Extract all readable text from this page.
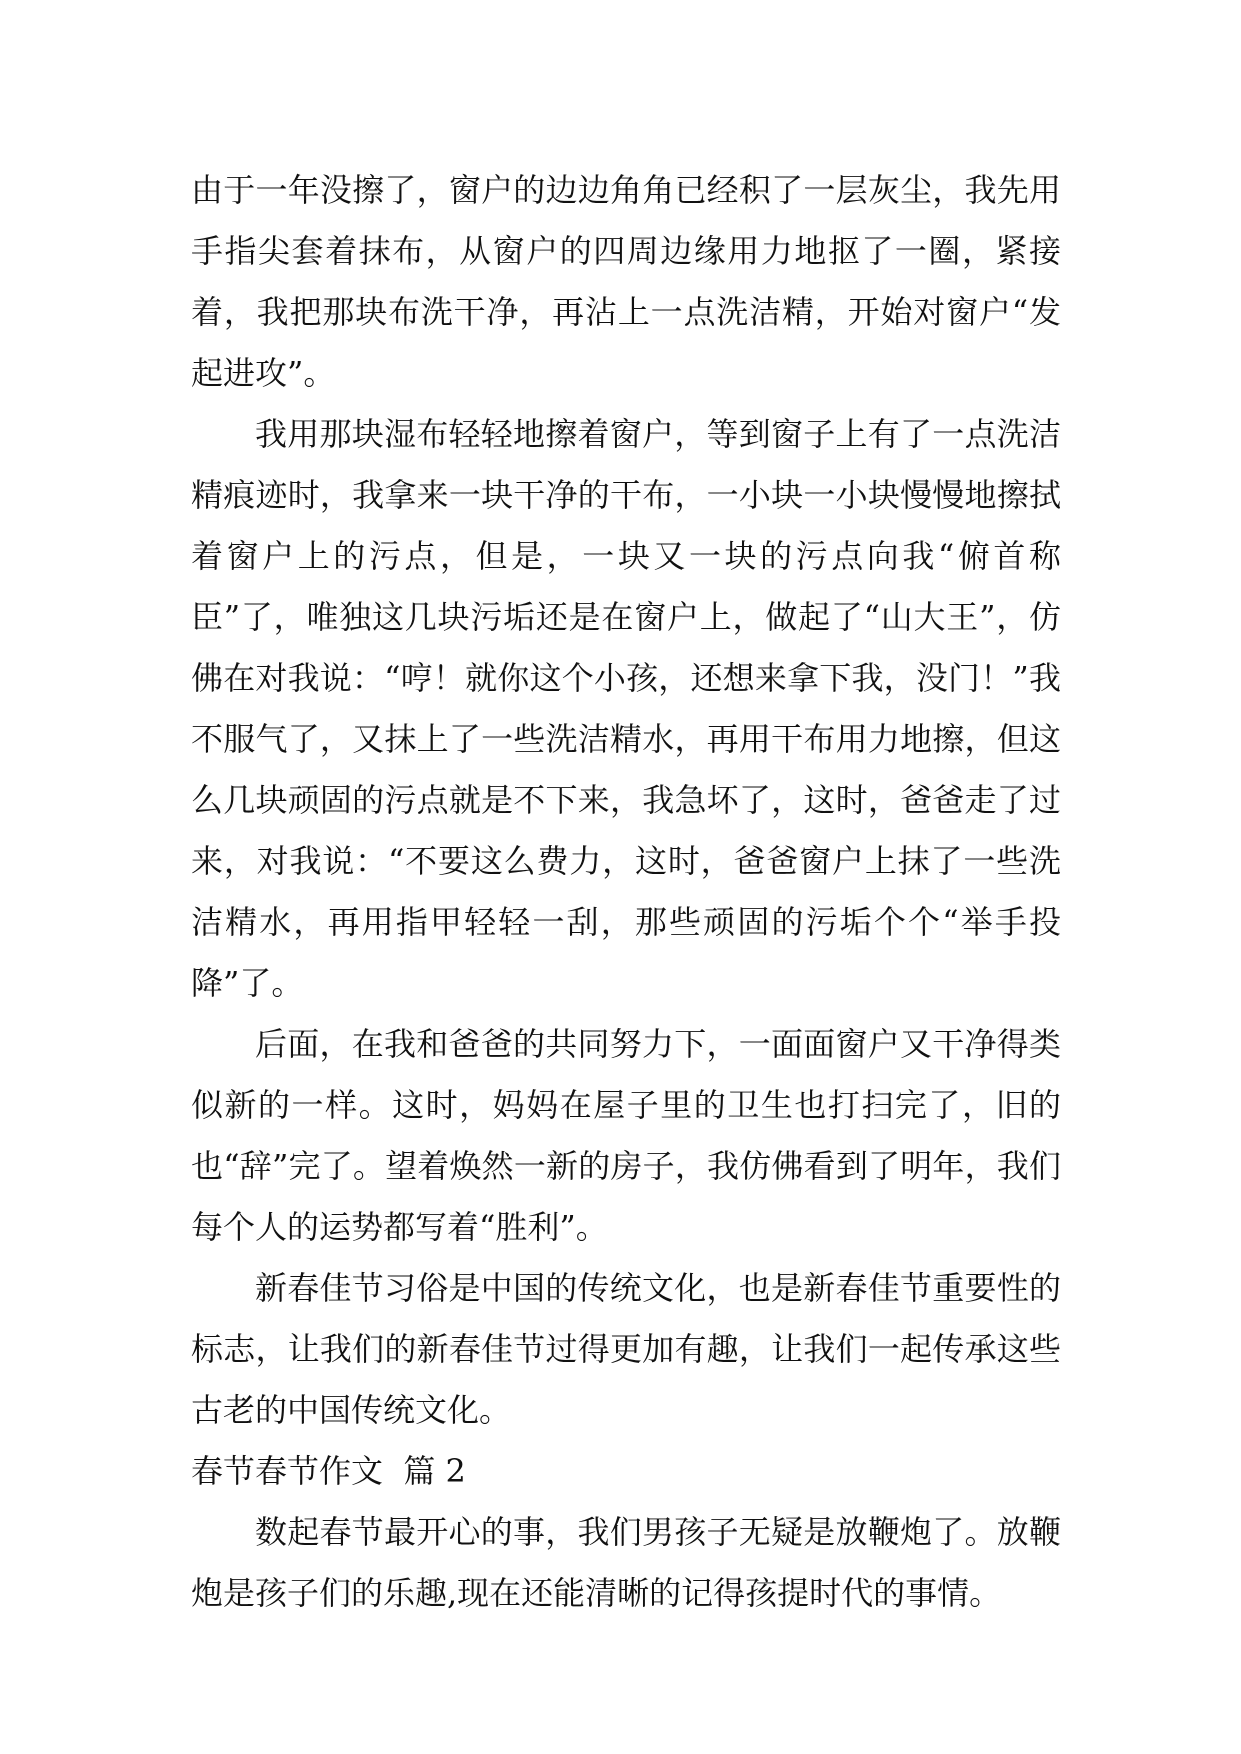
由于一年没擦了，窗户的边边角角已经积了一层灰尘，我先用手指尖套着抹布，从窗户的四周边缘用力地抠了一圈，紧接着，我把那块布洗干净，再沾上一点洗洁精，开始对窗户“发起进攻”。

我用那块湿布轻轻地擦着窗户，等到窗子上有了一点洗洁精痕迹时，我拿来一块干净的干布，一小块一小块慢慢地擦拭着窗户上的污点，但是，一块又一块的污点向我“俯首称臣”了，唯独这几块污垢还是在窗户上，做起了“山大王”，仿佛在对我说：“哼！就你这个小孩，还想来拿下我，没门！”我不服气了，又抹上了一些洗洁精水，再用干布用力地擦，但这么几块顽固的污点就是不下来，我急坏了，这时，爸爸走了过来，对我说：“不要这么费力，这时，爸爸窗户上抹了一些洗洁精水，再用指甲轻轻一刮，那些顽固的污垢个个“举手投降”了。

后面，在我和爸爸的共同努力下，一面面窗户又干净得类似新的一样。这时，妈妈在屋子里的卫生也打扫完了，旧的也“辞”完了。望着焕然一新的房子，我仿佛看到了明年，我们每个人的运势都写着“胜利”。

新春佳节习俗是中国的传统文化，也是新春佳节重要性的标志，让我们的新春佳节过得更加有趣，让我们一起传承这些古老的中国传统文化。

春节春节作文  篇 2

数起春节最开心的事，我们男孩子无疑是放鞭炮了。放鞭炮是孩子们的乐趣,现在还能清晰的记得孩提时代的事情。
